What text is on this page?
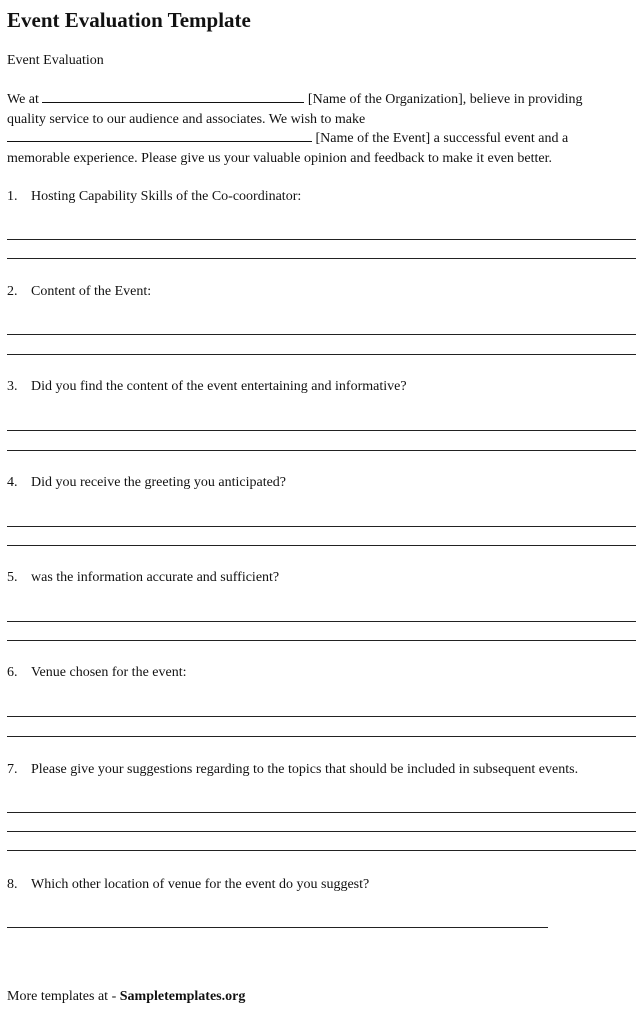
Event Evaluation Template
Event Evaluation
We at	[Name of the Organization], believe in providing
quality service to our audience and associates. We wish to make
[Name of the Event] a successful event and a
memorable experience. Please give us your valuable opinion and feedback to make it even better.
1. Hosting Capability Skills of the Co-coordinator:
2. Content of the Event:
3. Did you find the content of the event entertaining and informative?
4. Did you receive the greeting you anticipated?
5. was the information accurate and sufficient?
6. Venue chosen for the event:
7. Please give your suggestions regarding to the topics that should be included in subsequent events.
8. Which other location of venue for the event do you suggest?
More templates at - Sampletemplates.org
